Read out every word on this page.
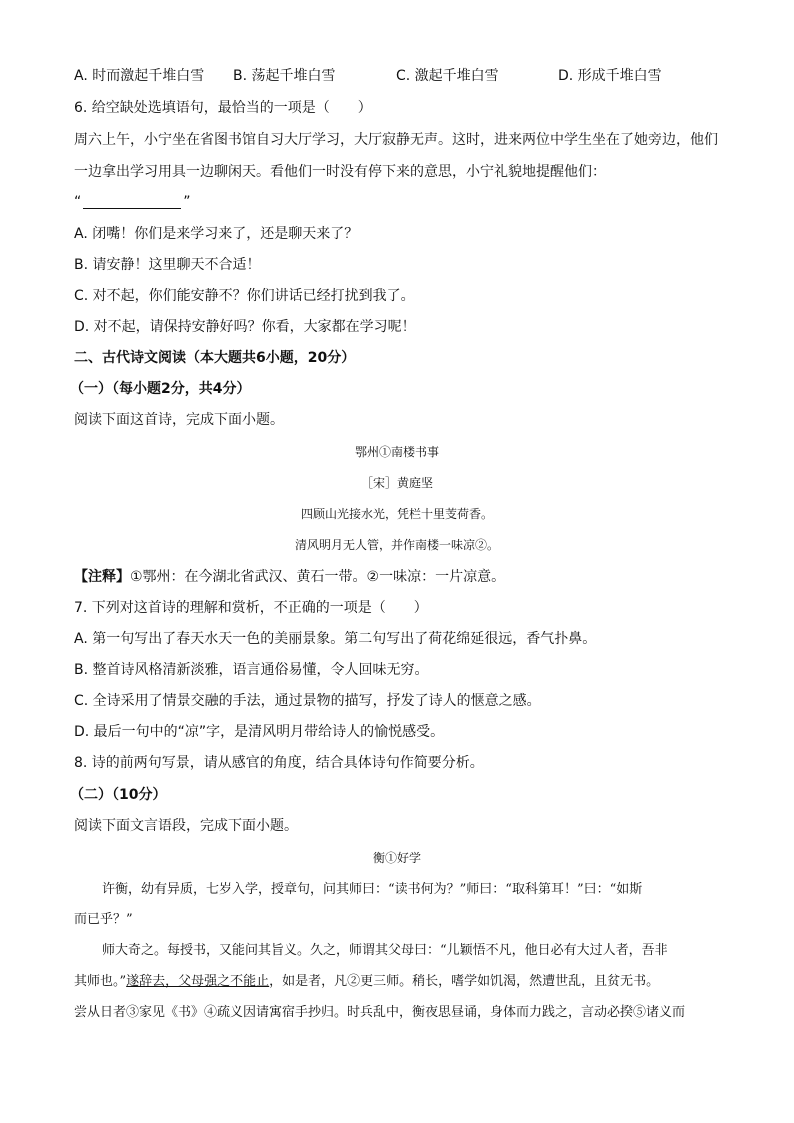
A. 时而激起千堆白雪 B. 荡起千堆白雪	C. 激起千堆白雪	D. 形成千堆白雪
6. 给空缺处选填语句，最恰当的一项是（　　）
周六上午，小宁坐在省图书馆自习大厅学习，大厅寂静无声。这时，进来两位中学生坐在了她旁边，他们
一边拿出学习用具一边聊闲天。看他们一时没有停下来的意思，小宁礼貌地提醒他们：
“	”
A. 闭嘴！你们是来学习来了，还是聊天来了？
B. 请安静！这里聊天不合适！
C. 对不起，你们能安静不？你们讲话已经打扰到我了。
D. 对不起，请保持安静好吗？你看，大家都在学习呢！
二、古代诗文阅读（本大题共6小题，20分）
（一）（每小题2分，共4分）
阅读下面这首诗，完成下面小题。
鄂州①南楼书事
［宋］黄庭坚
四顾山光接水光，凭栏十里芰荷香。
清风明月无人管，并作南楼一味凉②。
【注释】①鄂州：在今湖北省武汉、黄石一带。②一味凉：一片凉意。
7. 下列对这首诗的理解和赏析，不正确的一项是（　　）
A. 第一句写出了春天水天一色的美丽景象。第二句写出了荷花绵延很远，香气扑鼻。
B. 整首诗风格清新淡雅，语言通俗易懂，令人回味无穷。
C. 全诗采用了情景交融的手法，通过景物的描写，抒发了诗人的惬意之感。
D. 最后一句中的“凉”字，是清风明月带给诗人的愉悦感受。
8. 诗的前两句写景，请从感官的角度，结合具体诗句作简要分析。
（二）（10分）
阅读下面文言语段，完成下面小题。
衡①好学
许衡，幼有异质，七岁入学，授章句，问其师曰：“读书何为？”师曰：“取科第耳！”曰：“如斯
而已乎？”
师大奇之。每授书，又能问其旨义。久之，师谓其父母曰：“儿颖悟不凡，他日必有大过人者，吾非
其师也。”遂辞去，父母强之不能止，如是者，凡②更三师。稍长，嗜学如饥渴，然遭世乱，且贫无书。
尝从日者③家见《书》④疏义因请寓宿手抄归。时兵乱中，衡夜思昼诵，身体而力践之，言动必揆⑤诸义而
